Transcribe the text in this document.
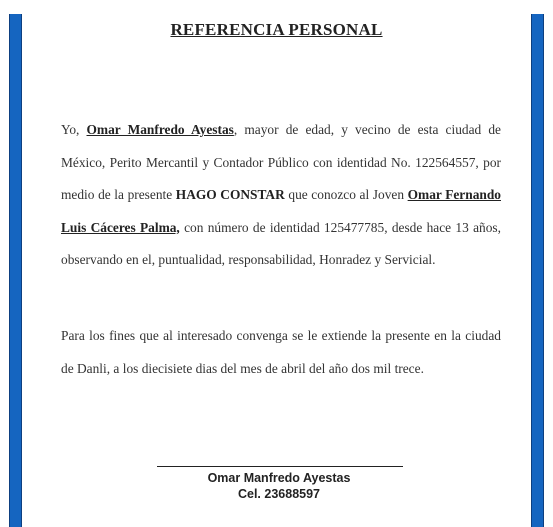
REFERENCIA PERSONAL

Yo, Omar Manfredo Ayestas, mayor de edad, y vecino de esta ciudad de México, Perito Mercantil y Contador Público con identidad No. 122564557, por medio de la presente HAGO CONSTAR que conozco al Joven Omar Fernando Luis Cáceres Palma, con número de identidad 125477785, desde hace 13 años, observando en el, puntualidad, responsabilidad, Honradez y Servicial.

Para los fines que al interesado convenga se le extiende la presente en la ciudad de Danli, a los diecisiete dias del mes de abril del año dos mil trece.

Omar Manfredo Ayestas
Cel. 23688597
